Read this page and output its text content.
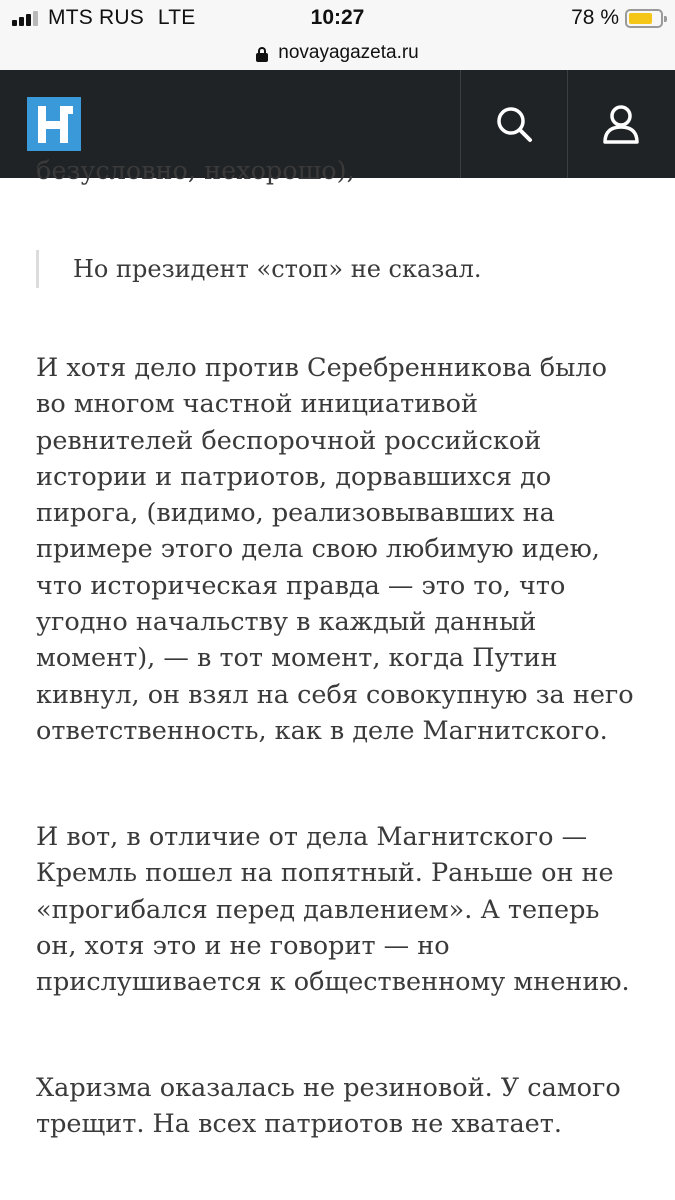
MTS RUS LTE	10:27	78 %
novayagazeta.ru
безусловно, нехорошо),
Но президент «стоп» не сказал.

И хотя дело против Серебренникова было во многом частной инициативой ревнителей беспорочной российской истории и патриотов, дорвавшихся до пирога, (видимо, реализовывавших на примере этого дела свою любимую идею, что историческая правда — это то, что угодно начальству в каждый данный момент), — в тот момент, когда Путин кивнул, он взял на себя совокупную за него ответственность, как в деле Магнитского.

И вот, в отличие от дела Магнитского — Кремль пошел на попятный. Раньше он не «прогибался перед давлением». А теперь он, хотя это и не говорит — но прислушивается к общественному мнению.

Харизма оказалась не резиновой. У самого трещит. На всех патриотов не хватает.
